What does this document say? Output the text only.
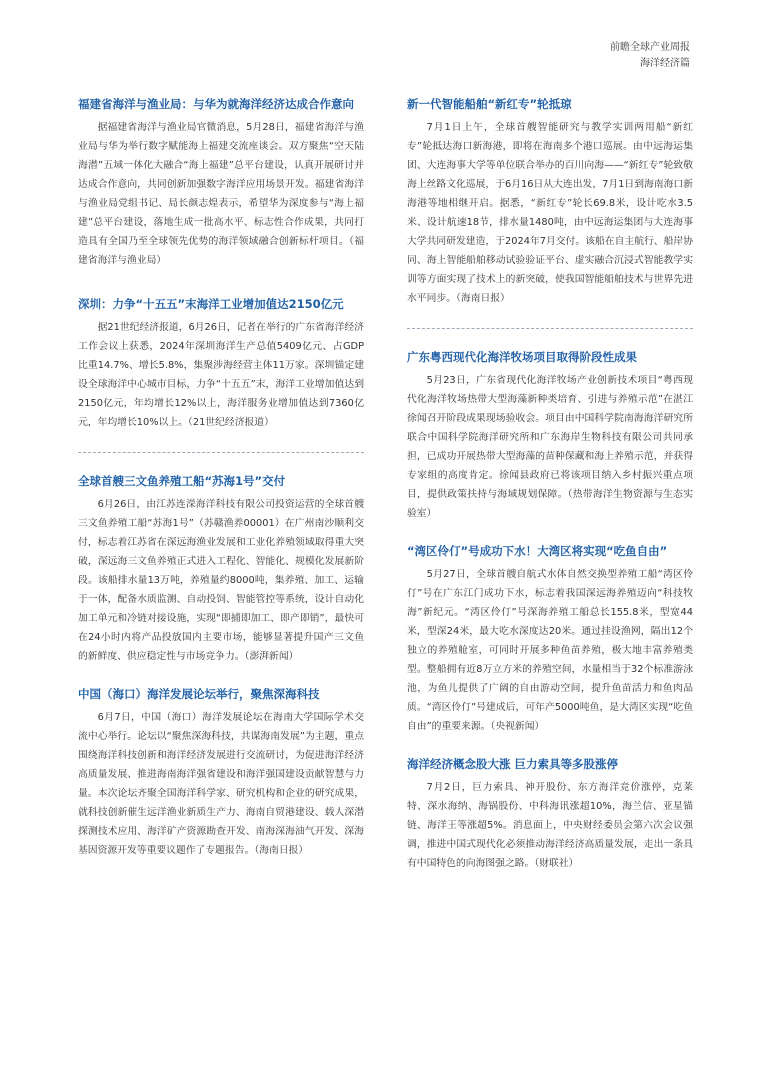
前瞻全球产业周报
海洋经济篇
福建省海洋与渔业局：与华为就海洋经济达成合作意向

据福建省海洋与渔业局官微消息，5月28日，福建省海洋与渔业局与华为举行数字赋能海上福建交流座谈会。双方聚焦“空天陆海潜”五域一体化大融合“海上福建”总平台建设，认真开展研讨并达成合作意向，共同创新加强数字海洋应用场景开发。福建省海洋与渔业局党组书记、局长颜志煌表示，希望华为深度参与“海上福建”总平台建设，落地生成一批高水平、标志性合作成果，共同打造具有全国乃至全球领先优势的海洋领域融合创新标杆项目。（福建省海洋与渔业局）

深圳：力争“十五五”末海洋工业增加值达2150亿元

据21世纪经济报道，6月26日，记者在举行的广东省海洋经济工作会议上获悉，2024年深圳海洋生产总值5409亿元、占GDP比重14.7%、增长5.8%，集聚涉海经营主体11万家。深圳锚定建设全球海洋中心城市目标，力争“十五五”末，海洋工业增加值达到2150亿元，年均增长12%以上，海洋服务业增加值达到7360亿元，年均增长10%以上。（21世纪经济报道）

全球首艘三文鱼养殖工船“苏海1号”交付

6月26日，由江苏连溁海洋科技有限公司投资运营的全球首艘三文鱼养殖工船“苏海1号”（苏赣渔养00001）在广州南沙顺利交付，标志着江苏省在深远海渔业发展和工业化养殖领域取得重大突破，深远海三文鱼养殖正式进入工程化、智能化、规模化发展新阶段。该船排水量13万吨，养殖量约8000吨，集养殖、加工、运输于一体，配备水质监测、自动投饲、智能管控等系统，设计自动化加工单元和冷链对接设施，实现“即捕即加工、即产即销”，最快可在24小时内将产品投放国内主要市场，能够显著提升国产三文鱼的新鲜度、供应稳定性与市场竞争力。（澎湃新闻）

中国（海口）海洋发展论坛举行，聚焦深海科技

6月7日，中国（海口）海洋发展论坛在海南大学国际学术交流中心举行。论坛以“聚焦深海科技，共谋海南发展”为主题，重点围绕海洋科技创新和海洋经济发展进行交流研讨，为促进海洋经济高质量发展、推进海南海洋强省建设和海洋强国建设贡献智慧与力量。本次论坛齐聚全国海洋科学家、研究机构和企业的研究成果，就科技创新催生远洋渔业新质生产力、海南自贸港建设、载人深潜探测技术应用、海洋矿产资源勘查开发、南海深海油气开发、深海基因资源开发等重要议题作了专题报告。（海南日报）

新一代智能船舶“新红专”轮抵琼

7月1日上午，全球首艘智能研究与教学实训两用船“新红专”轮抵达海口新海港，即将在海南多个港口巡展。由中远海运集团、大连海事大学等单位联合举办的百川向海——“新红专”轮致敬海上丝路文化巡展，于6月16日从大连出发，7月1日到海南海口新海港等地相继开启。据悉，“新红专”轮长69.8米，设计吃水3.5米、设计航速18节，排水量1480吨，由中远海运集团与大连海事大学共同研发建造，于2024年7月交付。该船在自主航行、船岸协同、海上智能船舶移动试验验证平台、虚实融合沉浸式智能教学实训等方面实现了技术上的新突破，使我国智能船舶技术与世界先进水平同步。（海南日报）

广东粤西现代化海洋牧场项目取得阶段性成果

5月23日，广东省现代化海洋牧场产业创新技术项目“粤西现代化海洋牧场热带大型海藻新种类培育、引进与养殖示范”在湛江徐闻召开阶段成果现场验收会。项目由中国科学院南海海洋研究所联合中国科学院海洋研究所和广东海岸生物科技有限公司共同承担，已成功开展热带大型海藻的苗种保藏和海上养殖示范，并获得专家组的高度肯定。徐闻县政府已将该项目纳入乡村振兴重点项目，提供政策扶持与海域规划保障。（热带海洋生物资源与生态实验室）

“湾区伶仃”号成功下水！大湾区将实现“吃鱼自由”

5月27日，全球首艘自航式水体自然交换型养殖工船“湾区伶仃”号在广东江门成功下水，标志着我国深远海养殖迈向“科技牧海”新纪元。“湾区伶仃”号深海养殖工船总长155.8米，型宽44米，型深24米，最大吃水深度达20米。通过挂设渔网，隔出12个独立的养殖舱室，可同时开展多种鱼苗养殖，极大地丰富养殖类型。整船拥有近8万立方米的养殖空间，水量相当于32个标准游泳池，为鱼儿提供了广阔的自由游动空间，提升鱼苗活力和鱼肉品质。“湾区伶仃”号建成后，可年产5000吨鱼，是大湾区实现“吃鱼自由”的重要来源。（央视新闻）

海洋经济概念股大涨 巨力索具等多股涨停

7月2日，巨力索具、神开股份、东方海洋竞价涨停，克莱特、深水海纳、海锅股份、中科海讯涨超10%，海兰信、亚星锚链、海洋王等涨超5%。消息面上，中央财经委员会第六次会议强调，推进中国式现代化必须推动海洋经济高质量发展，走出一条具有中国特色的向海图强之路。（财联社）
